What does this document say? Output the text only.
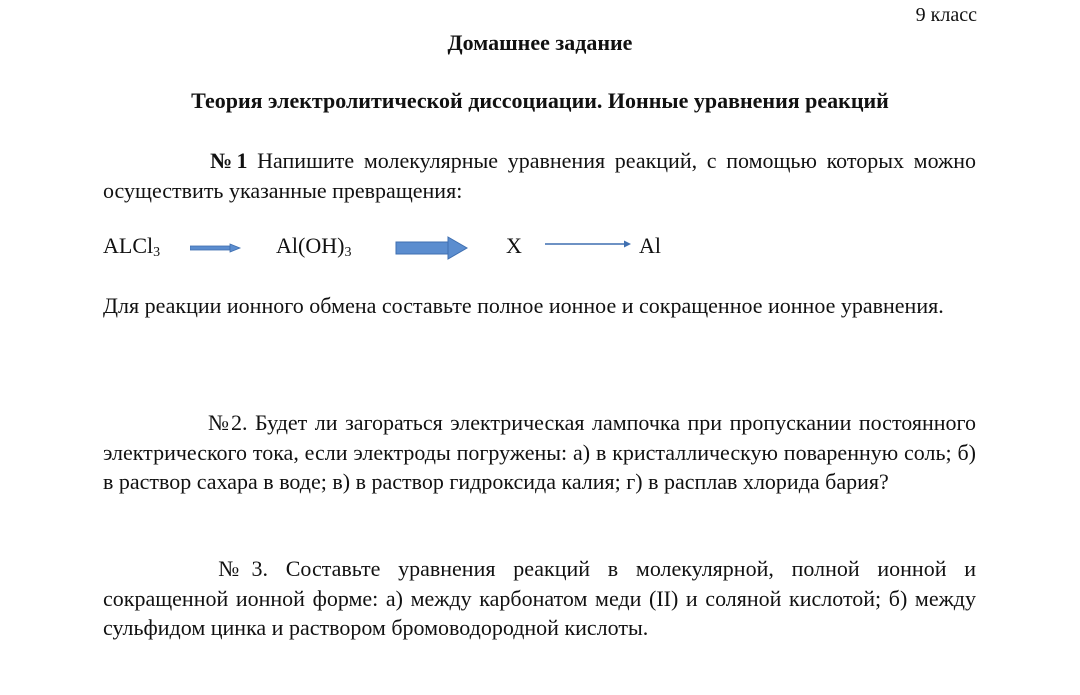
9 класс
Домашнее задание
Теория электролитической диссоциации. Ионные уравнения реакций
№1 Напишите молекулярные уравнения реакций, с помощью которых можно осуществить указанные превращения:
ALCl$_3$	$Al(OH)_3$	X	Al
Для реакции ионного обмена составьте полное ионное и сокращенное ионное уравнения.
№2. Будет ли загораться электрическая лампочка при пропускании постоянного электрического тока, если электроды погружены: а) в кристаллическую поваренную соль; б) в раствор сахара в воде; в) в раствор гидроксида калия; г) в расплав хлорида бария?
№3. Составьте уравнения реакций в молекулярной, полной ионной и сокращенной ионной форме: а) между карбонатом меди (II) и соляной кислотой; б) между сульфидом цинка и раствором бромоводородной кислоты.
